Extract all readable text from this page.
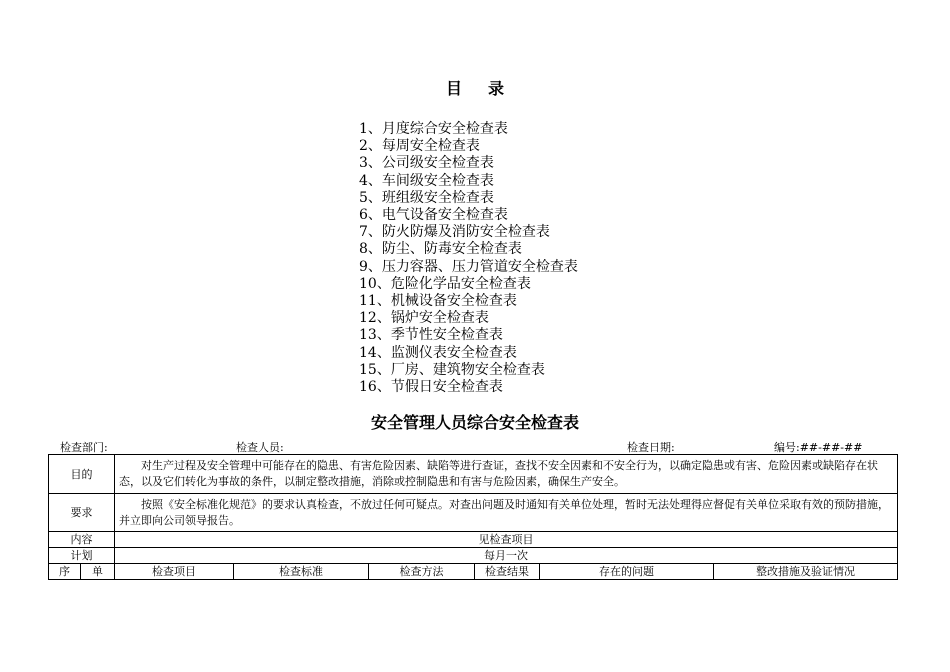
目 录
1、月度综合安全检查表
2、每周安全检查表
3、公司级安全检查表
4、车间级安全检查表
5、班组级安全检查表
6、电气设备安全检查表
7、防火防爆及消防安全检查表
8、防尘、防毒安全检查表
9、压力容器、压力管道安全检查表
10、危险化学品安全检查表
11、机械设备安全检查表
12、锅炉安全检查表
13、季节性安全检查表
14、监测仪表安全检查表
15、厂房、建筑物安全检查表
16、节假日安全检查表
安全管理人员综合安全检查表
检查部门:	检查人员:	检查日期:	编号:##-##-##
目的		对生产过程及安全管理中可能存在的隐患、有害危险因素、缺陷等进行查证，查找不安全因素和不安全行为，以确定隐患或有害、危险因素或缺陷存在状态，以及它们转化为事故的条件，以制定整改措施，消除或控制隐患和有害与危险因素，确保生产安全。					
要求		按照《安全标准化规范》的要求认真检查，不放过任何可疑点。对查出问题及时通知有关单位处理，暂时无法处理得应督促有关单位采取有效的预防措施，并立即向公司领导报告。					
内容		见检查项目					
计划		每月一次					
序	单	检查项目	检查标准	检查方法	检查结果	存在的问题	整改措施及验证情况
